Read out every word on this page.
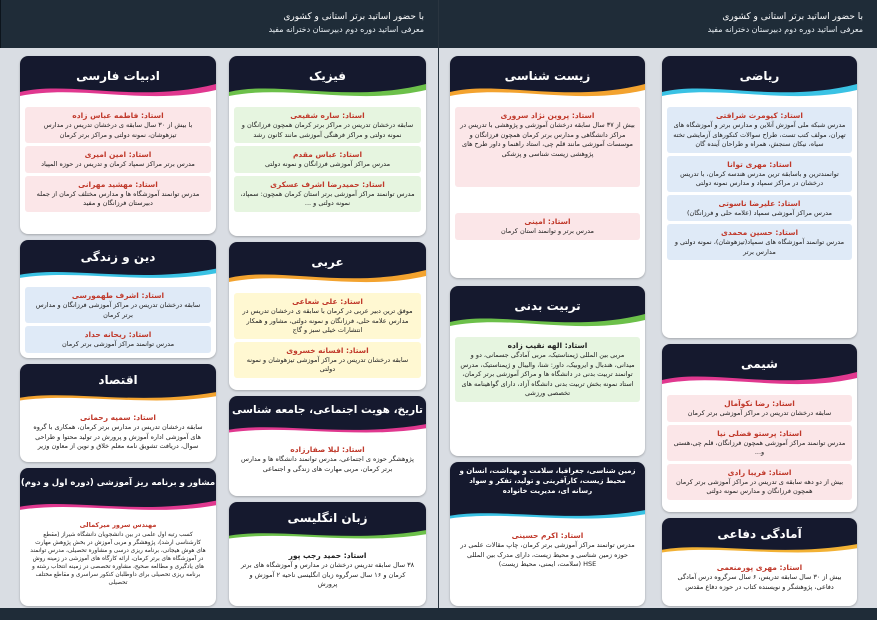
با حضور اساتید برتر استانی و کشوری
معرفی اساتید دوره دوم دبیرستان دخترانه مفید
با حضور اساتید برتر استانی و کشوری
معرفی اساتید دوره دوم دبیرستان دخترانه مفید
ریاضی
استاد: کیومرث شرافتی
مدرس شبکه ملی آموزش آنلاین و مدارس برتر و آموزشگاه های تهران، مولف کتب تست، طراح سوالات کنکورهای آزمایشی تخته سیاه، نیکان سنجش، همراه و طراحان آینده گان
استاد: مهری توانا
توانمندترین و باسابقه ترین مدرس هندسه کرمان، با تدریس درخشان در مراکز سمپاد و مدارس نمونه دولتی
استاد: علیرضا ناسوتی
مدرس مراکز آموزشی سمپاد (علامه حلی و فرزانگان)
استاد: حسین محمدی
مدرس توانمند آموزشگاه های سمپاد(تیزهوشان)، نمونه دولتی و مدارس برتر
شیمی
استاد: رضا نکوآمال
سابقه درخشان تدریس در مراکز آموزشی برتر کرمان
استاد: پرستو فضلی نیا
مدرس توانمند مراکز آموزشی همچون فرزانگان، قلم چی،هستی و...
استاد: فریبا رادی
بیش از دو دهه سابقه ی تدریس در مراکز آموزشی برتر کرمان همچون فرزانگان و مدارس نمونه دولتی
آمادگی دفاعی
استاد: مهری پورمنعمی
بیش از ۳۰ سال سابقه تدریس، ۶ سال سرگروه درس آمادگی دفاعی، پژوهشگر و نویسنده کتاب در حوزه دفاع مقدس
زیست شناسی
استاد: پروین نژاد سروری
بیش از ۳۷ سال سابقه درخشان آموزشی و پژوهشی با تدریس در مراکز دانشگاهی و مدارس برتر کرمان همچون فرزانگان و موسسات آموزشی مانند قلم چی، استاد راهنما و داور طرح های پژوهشی زیست شناسی و پزشکی
استاد: امینی
مدرس برتر و توانمند استان کرمان
تربیت بدنی
استاد: الهه نقیب زاده
مربی بین المللی ژیمناستیک، مربی آمادگی جسمانی، دو و میدانی، هندبال و ایروبیک، داور: شنا، والیبال و ژیمناستیک، مدرس توانمند تربیت بدنی در دانشگاه ها و مراکز آموزشی برتر کرمان، استاد نمونه بخش تربیت بدنی دانشگاه آزاد، دارای گواهینامه های تخصصی ورزشی
زمین شناسی، جغرافیا، سلامت و بهداشت، انسان و محیط زیست، کارآفرینی و تولید، تفکر و سواد رسانه ای، مدیریت خانواده
استاد: اکرم حسینی
مدرس توانمند مراکز آموزشی برتر کرمان، چاپ مقالات علمی در حوزه زمین شناسی و محیط زیست، دارای مدرک بین المللی HSE (سلامت، ایمنی، محیط زیست)
فیزیک
استاد: ساره شفیعی
سابقه درخشان تدریس در مراکز برتر کرمان همچون فرزانگان و نمونه دولتی و مراکز فرهنگی آموزشی مانند کانون رشد
استاد: عباس مقدم
مدرس مراکز آموزشی فرزانگان و نمونه دولتی
استاد: حمیدرضا اشرف عسکری
مدرس توانمند مراکز آموزشی برتر استان کرمان همچون: سمپاد، نمونه دولتی و ...
عربی
استاد: علی شعاعی
موفق ترین دبیر عربی در کرمان با سابقه ی درخشان تدریس در مدارس علامه حلی، فرزانگان و نمونه دولتی، مشاور و همکار انتشارات خیلی سبز و گاج
استاد: افسانه خسروی
سابقه درخشان تدریس در مراکز آموزشی تیزهوشان و نمونه دولتی
تاریخ، هویت اجتماعی، جامعه شناسی
استاد: لیلا صفارزاده
پژوهشگر حوزه ی اجتماعی، مدرس توانمند دانشگاه ها و مدارس برتر کرمان، مربی مهارت های زندگی و اجتماعی
زبان انگلیسی
استاد: حمید رجب پور
۳۸ سال سابقه تدریس درخشان در مدارس و آموزشگاه های برتر کرمان و ۱۶ سال سرگروه زبان انگلیسی ناحیه ۲ آموزش و پرورش
ادبیات فارسی
استاد: فاطمه عباس زاده
با بیش از ۳۰ سال سابقه ی درخشان تدریس در مدارس تیزهوشان، نمونه دولتی و مراکز برتر کرمان
استاد: امین امیری
مدرس برتر مراکز سمپاد کرمان و تدریس در حوزه المپیاد
استاد: مهشید مهرانی
مدرس توانمند آموزشگاه ها و مدارس مختلف کرمان از جمله دبیرستان فرزانگان و مفید
دین و زندگی
استاد: اشرف طهمورسی
سابقه درخشان تدریس در مراکز آموزشی فرزانگان و مدارس برتر کرمان
استاد: ریحانه حداد
مدرس توانمند مراکز آموزشی برتر کرمان
اقتصاد
استاد: سمیه رحمانی
سابقه درخشان تدریس در مدارس برتر کرمان، همکاری با گروه های آموزشی اداره آموزش و پرورش در تولید محتوا و طراحی سوال، دریافت تشویق نامه معلم خلاق و نوین از معاون وزیر
مشاور و برنامه ریز آموزشی (دوره اول و دوم)
مهندس سرور میرکمالی
کسب رتبه اول علمی در بین دانشجویان دانشگاه شیراز (مقطع کارشناسی ارشد)، پژوهشگر و مربی آموزش در بخش پژوهش مهارت های هوش هیجانی، برنامه ریزی درسی و مشاوره تحصیلی، مدرس توانمند در آموزشگاه های برتر کرمان، ارائه کارگاه های آموزشی در زمینه روش های یادگیری و مطالعه صحیح، مشاوره تخصصی در زمینه انتخاب رشته و برنامه ریزی تحصیلی برای داوطلبان کنکور سراسری و مقاطع مختلف تحصیلی
